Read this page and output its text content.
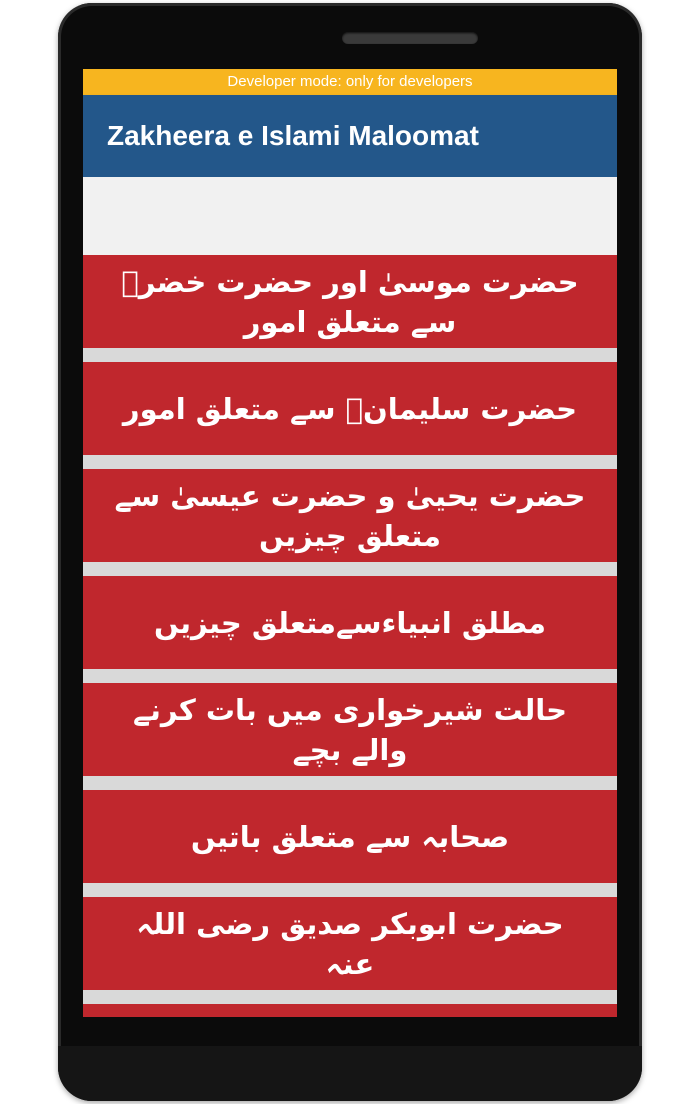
Developer mode: only for developers
Zakheera e Islami Maloomat
حضرت موسیٰ اور حضرت خضرؑ سے متعلق امور
حضرت سلیمانؑ سے متعلق امور
حضرت یحییٰ و حضرت عیسیٰ سے متعلق چیزیں
مطلق انبیاءسےمتعلق چیزیں
حالت شیرخواری میں بات کرنے والے بچے
صحابہ سے متعلق باتیں
حضرت ابوبکر صدیق رضی اللہ عنہ
